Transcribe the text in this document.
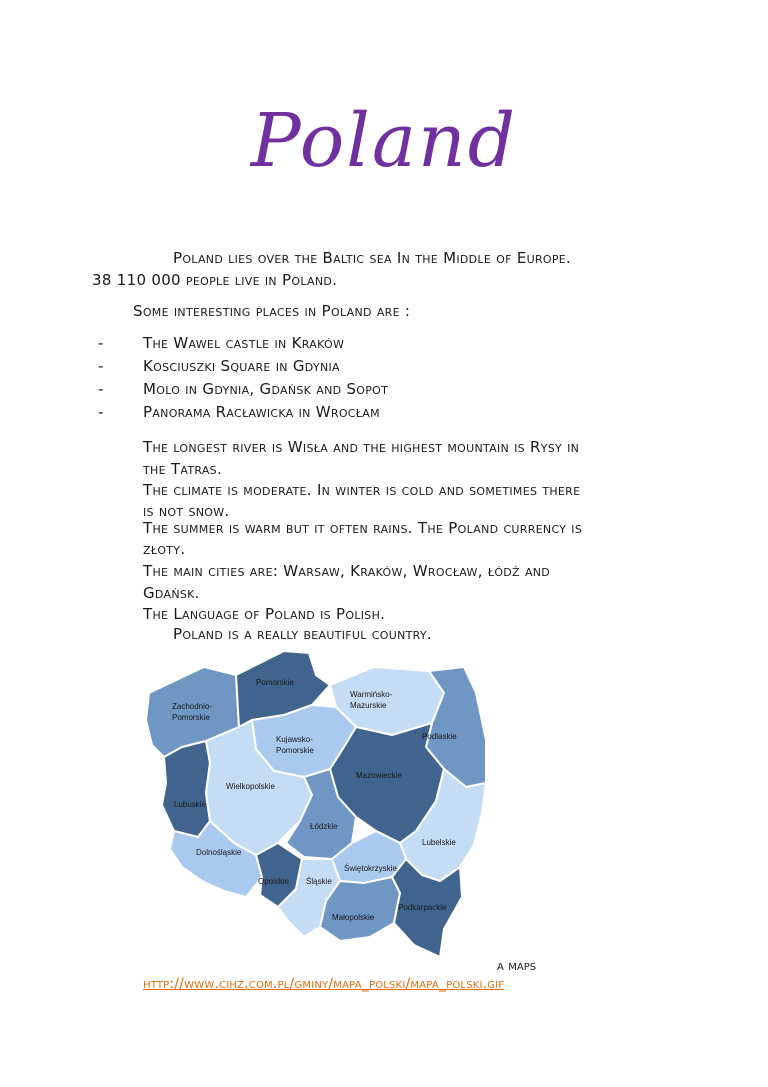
Poland
Poland lies over the Baltic sea In the Middle of Europe.
38 110 000 people live in Poland.
Some interesting places in Poland are :
-	The Wawel castle in Kraków
-	Kosciuszki Square in Gdynia
-	Molo in Gdynia, Gdańsk and Sopot
-	Panorama Racławicka in Wrocłam
The longest river is Wisła and the highest mountain is Rysy in
the Tatras.
The climate is moderate. In winter is cold and sometimes there
is not snow.
The summer is warm but it often rains. The Poland currency is
złoty.
The main cities are: Warsaw, Kraków, Wrocław, łódź and
Gdańsk.
The Language of Poland is Polish.
Poland is a really beautiful country.
Pomorskie
Zachodnio-
Pomorskie
Warmińsko-
Mazurskie
Kujawsko-
Pomorskie
Podlaskie
Wielkopolskie
Mazowieckie
Lubuskie
Łódzkie
Lubelskie
Dolnośląskie
Świętokrzyskie
Opolskie Śląskie
Podkarpackie
Małopolskie
a maps
http://www.cihz.com.pl/gminy/mapa_polski/mapa_polski.gif
